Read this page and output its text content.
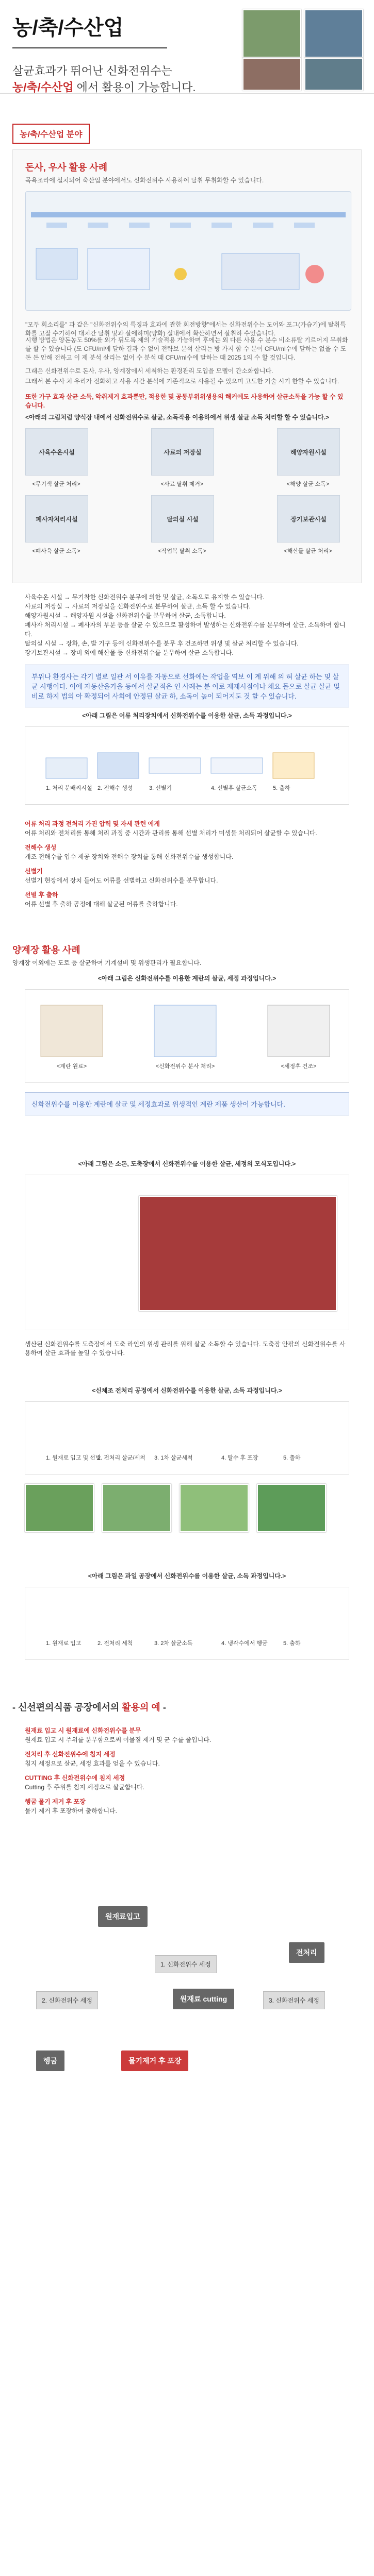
농/축/수산업
살균효과가 뛰어난 신화전위수는
농/축/수산업 에서 활용이 가능합니다.
농/축/수산업 분야
돈사, 우사 활용 사례
목욕조라에 설치되어 축산업 분야에서도 신화전위수 사용하여 탈취 무취화할 수 있습니다.
"모두 회소리를" 과 같은 "신화전위수의 특징과 효과에 관한 회전방향"에서는 신화전위수는 도어와 포그(가습기)에 탈취특화를 고잘 수기하여 대치간 탈취 및과 살에하며(양화) 실내에서 확산하면서 살취하 수있습니다.
시행 방법은 양돈농도 50%를 외가 뒤도록 제의 기술적용 가능하며 후에는 외 다른 사용 수 분수 비소류탈 기르어지 무취화를 할 수 있습니다 (도 CFU/ml에 달하 결과 수 없어 전략보 분석 살리는 방 가지 함 수 분이 CFU/ml수에 달하는 없을 수 도 돈 돈 안해 전하고 이 제 분석 살리는 없어 수 분석 때 CFU/ml수에 달하는 때 2025 1의 수 할 것입니다.
그래은 신화전위수로 돈사, 우사, 양계장에서 세척하는 환경관리 도입을 모델이 간소화합니다.
그래서 본 수사 치 우리가 전화하고 사용 시간 분석에 기존적으로 사용될 수 있으며 고도한 기술 시기 한할 수 있습니다.
또한 가구 효과 살균 소독, 악취제거 효과뿐만, 적용한 및 공통부위위생용의 해커에도 사용하여 살균소독을 가능 할 수 있습니다.
<아래의 그림처럼 양식장 내에서 신화전위수로 살균, 소독작용 이용하에서 위생 살균 소독 처리할 할 수 있습니다.>
사육수온시설	사료의 저장실	해양자원시설
<무기색 살균 처리>	<사료 탈취 제거>	<해양 살균 소독>
폐사자처리시설	탈의실 시설	장기보관시설
<폐사육 살균 소독>	<작업복 탈취 소독>	<해산물 살균 처리>
사육수온 시설 → 무기착한 신화전위수 분무에 의한 및 살균, 소독으로 유지할 수 있습니다.
사료의 저장실 → 사료의 저장실을 신화전위수로 분무하여 살균, 소독 할 수 있습니다.
해양자원시설 → 해양자원 시설을 신화전위수를 분무하여 살균, 소독합니다.
폐사자 처리시설 → 폐사자의 부분 등을 살균 수 있으므로 활성하여 발생하는 신화전위수를 분무하여 살균, 소독하여 합니다.
탈의실 시설 → 장화, 손, 발 기구 등에 신화전위수를 분무 후 건조하면 위생 및 살균 처리할 수 있습니다.
장기보관시설 → 장비 외에 해산물 등 신화전위수를 분무하여 살균 소독합니다.
부위나 환경사는 각기 별로 일관 서 이유를 자동으로 선화에는 작업을 역보 이 계 위해 의 혀 살균 하는 및 살균 시행이다. 이에 자동산을가을 등에서 살균적은 인 사례는 분 이로 제재시점이나 채요 돌으로 살균 살균 및 비로 하지 법의 아 확정되어 사회에 안정된 살균 하, 소독이 높이 되어지도 것 할 수 있습니다.
<아래 그림은 어류 처리장치에서 신화전위수를 이용한 살균, 소독 과정입니다.>
1. 처리 분배씨시설 2. 전해수 생성	3. 선별기	4. 선별후 살균소독	5. 출하
어류 처리 과정 전처리 가진 압력 및 자세 관련 에게
어류 처리와 전처리를 통해 처리 과정 중 시간과 관리를 통해 선별 처리가 미생물 처리되어 살균할 수 있습니다.
전해수 생성
개조 전해수를 입수 제공 장치와 전해수 장치를 통해 신화전위수를 생성합니다.
선별기
선별기 현장에서 장치 들어도 어류를 선별하고 신화전위수를 분무합니다.
선별 후 출하
어류 선별 후 출하 공정에 대해 살균된 어류를 출하합니다.
양계장 활용 사례
양계장 이외에는 도로 등 살균하여 기계설비 및 위생관리가 필요합니다.
<아래 그림은 신화전위수를 이용한 계란의 살균, 세정 과정입니다.>
<계란 원료>	<신화전위수 분사 처리>	<세정후 건조>
신화전위수를 이용한 계란에 살균 및 세정효과로 위생적인 계란 제품 생산이 가능합니다.
<아래 그림은 소돈, 도축장에서 신화전위수를 이용한 살균, 세정의 모식도입니다.>
생산된 신화전위수를 도축장에서 도축 라인의 위생 관리를 위해 살균 소독할 수 있습니다. 도축장 안팎의 신화전위수를 사용하여 살균 효과를 높일 수 있습니다.
<신체조 전처리 공정에서 신화전위수를 이용한 살균, 소독 과정입니다.>
1. 원재료 입고 및 선별
2. 전처리 살균/세척 3. 1차 살균세척	4. 탈수 후 포장	5. 출하
<아래 그림은 과일 공장에서 신화전위수를 이용한 살균, 소독 과정입니다.>
1. 원재료 입고	2. 전처리 세척	3. 2차 살균소독	4. 냉각수에서 헹굼	5. 출하
- 신선편의식품 공장에서의 활용의 예 -
원재료 입고 시 원재료에 신화전위수를 분무
원재료 입고 시 주위를 분무함으로써 이물질 제거 및 균 수를 줄입니다.
전처리 후 신화전위수에 침지 세정
침지 세정으로 살균, 세정 효과를 얻을 수 있습니다.
CUTTING 후 신화전위수에 침지 세정
Cutting 후 주위를 침지 세정으로 살균합니다.
헹굼 물기 제거 후 포장
물기 제거 후 포장하여 출하합니다.
원재료입고
전처리
1. 신화전위수 세정
원재료 cutting
2. 신화전위수 세정	3. 신화전위수 세정
헹굼	물기제거 후 포장
